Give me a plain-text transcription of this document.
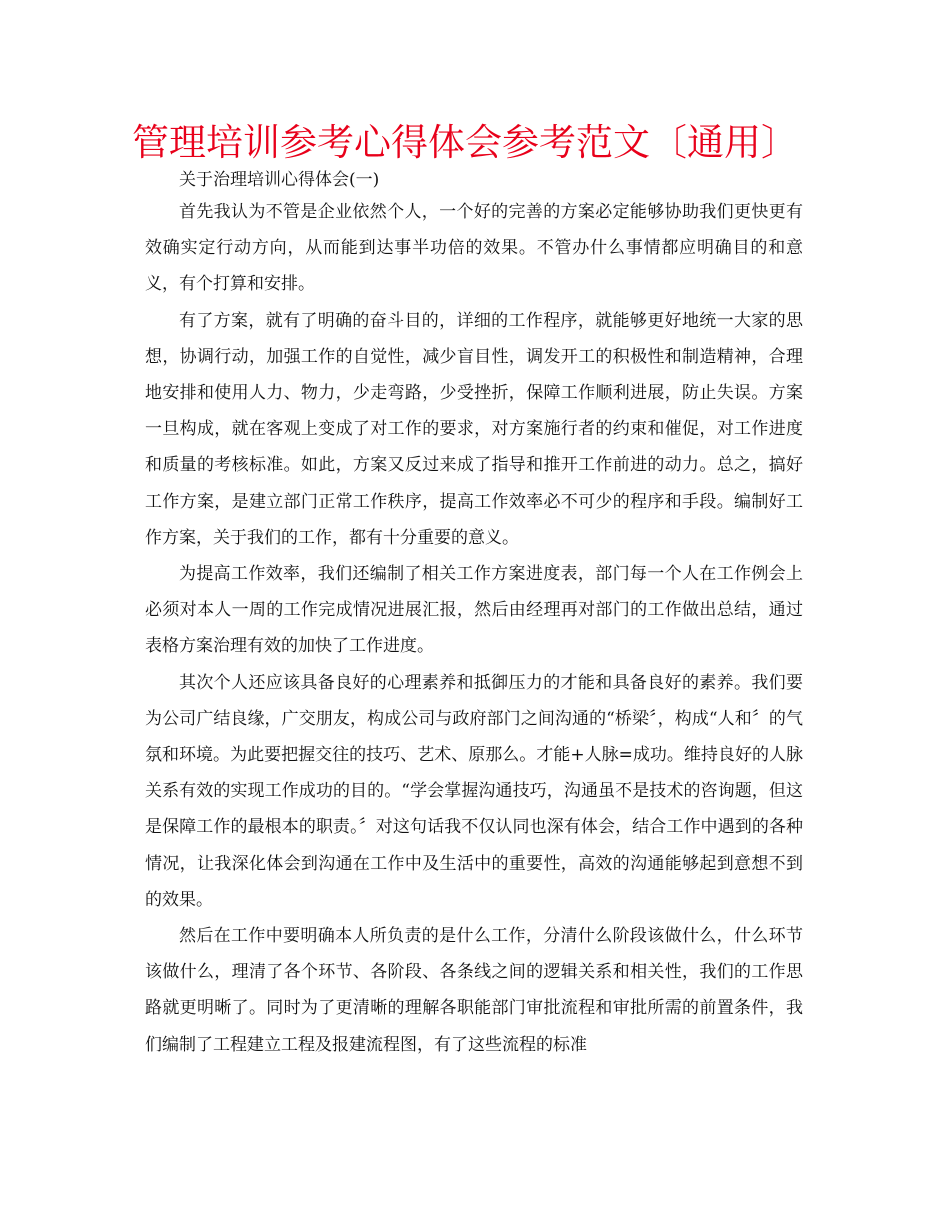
管理培训参考心得体会参考范文〔通用〕

关于治理培训心得体会(一)

首先我认为不管是企业依然个人，一个好的完善的方案必定能够协助我们更快更有效确实定行动方向，从而能到达事半功倍的效果。不管办什么事情都应明确目的和意义，有个打算和安排。

有了方案，就有了明确的奋斗目的，详细的工作程序，就能够更好地统一大家的思想，协调行动，加强工作的自觉性，减少盲目性，调发开工的积极性和制造精神，合理地安排和使用人力、物力，少走弯路，少受挫折，保障工作顺利进展，防止失误。方案一旦构成，就在客观上变成了对工作的要求，对方案施行者的约束和催促，对工作进度和质量的考核标准。如此，方案又反过来成了指导和推开工作前进的动力。总之，搞好工作方案，是建立部门正常工作秩序，提高工作效率必不可少的程序和手段。编制好工作方案，关于我们的工作，都有十分重要的意义。

为提高工作效率，我们还编制了相关工作方案进度表，部门每一个人在工作例会上必须对本人一周的工作完成情况进展汇报，然后由经理再对部门的工作做出总结，通过表格方案治理有效的加快了工作进度。

其次个人还应该具备良好的心理素养和抵御压力的才能和具备良好的素养。我们要为公司广结良缘，广交朋友，构成公司与政府部门之间沟通的“桥梁〞，构成“人和〞的气氛和环境。为此要把握交往的技巧、艺术、原那么。才能+人脉=成功。维持良好的人脉关系有效的实现工作成功的目的。“学会掌握沟通技巧，沟通虽不是技术的咨询题，但这是保障工作的最根本的职责。〞对这句话我不仅认同也深有体会，结合工作中遇到的各种情况，让我深化体会到沟通在工作中及生活中的重要性，高效的沟通能够起到意想不到的效果。

然后在工作中要明确本人所负责的是什么工作，分清什么阶段该做什么，什么环节该做什么，理清了各个环节、各阶段、各条线之间的逻辑关系和相关性，我们的工作思路就更明晰了。同时为了更清晰的理解各职能部门审批流程和审批所需的前置条件，我们编制了工程建立工程及报建流程图，有了这些流程的标准
